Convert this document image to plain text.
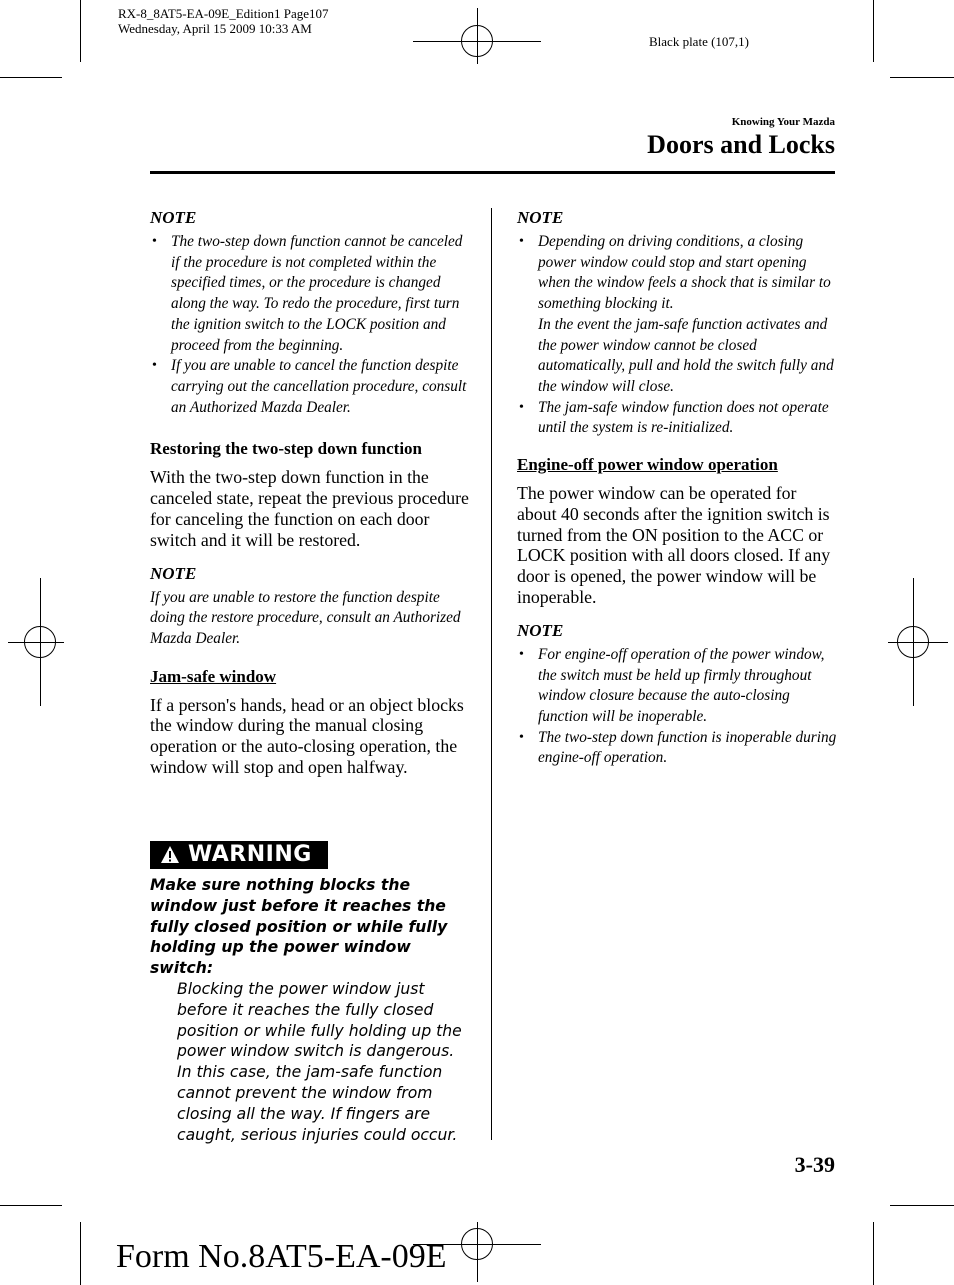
RX-8_8AT5-EA-09E_Edition1 Page107
Wednesday, April 15 2009 10:33 AM
Black plate (107,1)
Knowing Your Mazda
Doors and Locks

NOTE

• The two-step down function cannot be canceled if the procedure is not completed within the specified times, or the procedure is changed along the way. To redo the procedure, first turn the ignition switch to the LOCK position and proceed from the beginning.
• If you are unable to cancel the function despite carrying out the cancellation procedure, consult an Authorized Mazda Dealer.

Restoring the two-step down function

With the two-step down function in the canceled state, repeat the previous procedure for canceling the function on each door switch and it will be restored.

NOTE

If you are unable to restore the function despite doing the restore procedure, consult an Authorized Mazda Dealer.

Jam-safe window

If a person's hands, head or an object blocks the window during the manual closing operation or the auto-closing operation, the window will stop and open halfway.

WARNING

Make sure nothing blocks the window just before it reaches the fully closed position or while fully holding up the power window switch:

Blocking the power window just before it reaches the fully closed position or while fully holding up the power window switch is dangerous. In this case, the jam-safe function cannot prevent the window from closing all the way. If fingers are caught, serious injuries could occur.

NOTE

• Depending on driving conditions, a closing power window could stop and start opening when the window feels a shock that is similar to something blocking it.
In the event the jam-safe function activates and the power window cannot be closed automatically, pull and hold the switch fully and the window will close.
• The jam-safe window function does not operate until the system is re-initialized.

Engine-off power window operation

The power window can be operated for about 40 seconds after the ignition switch is turned from the ON position to the ACC or LOCK position with all doors closed. If any door is opened, the power window will be inoperable.

NOTE

• For engine-off operation of the power window, the switch must be held up firmly throughout window closure because the auto-closing function will be inoperable.
• The two-step down function is inoperable during engine-off operation.
3-39
Form No.8AT5-EA-09E
